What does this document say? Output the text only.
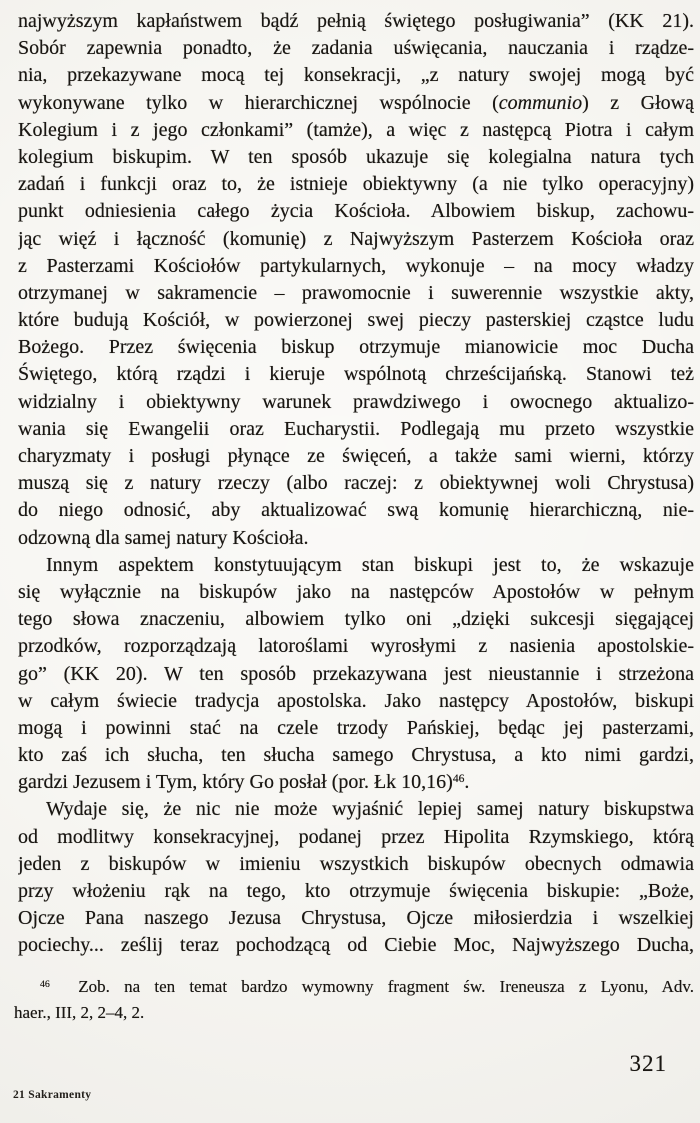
najwyższym kapłaństwem bądź pełnią świętego posługiwania” (KK 21).
Sobór zapewnia ponadto, że zadania uświęcania, nauczania i rządze-
nia, przekazywane mocą tej konsekracji, „z natury swojej mogą być
wykonywane tylko w hierarchicznej wspólnocie (communio) z Głową
Kolegium i z jego członkami” (tamże), a więc z następcą Piotra i całym
kolegium biskupim. W ten sposób ukazuje się kolegialna natura tych
zadań i funkcji oraz to, że istnieje obiektywny (a nie tylko operacyjny)
punkt odniesienia całego życia Kościoła. Albowiem biskup, zachowu-
jąc więź i łączność (komunię) z Najwyższym Pasterzem Kościoła oraz
z Pasterzami Kościołów partykularnych, wykonuje – na mocy władzy
otrzymanej w sakramencie – prawomocnie i suwerennie wszystkie akty,
które budują Kościół, w powierzonej swej pieczy pasterskiej cząstce ludu
Bożego. Przez święcenia biskup otrzymuje mianowicie moc Ducha
Świętego, którą rządzi i kieruje wspólnotą chrześcijańską. Stanowi też
widzialny i obiektywny warunek prawdziwego i owocnego aktualizo-
wania się Ewangelii oraz Eucharystii. Podlegają mu przeto wszystkie
charyzmaty i posługi płynące ze święceń, a także sami wierni, którzy
muszą się z natury rzeczy (albo raczej: z obiektywnej woli Chrystusa)
do niego odnosić, aby aktualizować swą komunię hierarchiczną, nie-
odzowną dla samej natury Kościoła.
Innym aspektem konstytuującym stan biskupi jest to, że wskazuje
się wyłącznie na biskupów jako na następców Apostołów w pełnym
tego słowa znaczeniu, albowiem tylko oni „dzięki sukcesji sięgającej
przodków, rozporządzają latoroślami wyrosłymi z nasienia apostolskie-
go” (KK 20). W ten sposób przekazywana jest nieustannie i strzeżona
w całym świecie tradycja apostolska. Jako następcy Apostołów, biskupi
mogą i powinni stać na czele trzody Pańskiej, będąc jej pasterzami,
kto zaś ich słucha, ten słucha samego Chrystusa, a kto nimi gardzi,
gardzi Jezusem i Tym, który Go posłał (por. Łk 10,16)$^{46}$.
Wydaje się, że nic nie może wyjaśnić lepiej samej natury biskupstwa
od modlitwy konsekracyjnej, podanej przez Hipolita Rzymskiego, którą
jeden z biskupów w imieniu wszystkich biskupów obecnych odmawia
przy włożeniu rąk na tego, kto otrzymuje święcenia biskupie: „Boże,
Ojcze Pana naszego Jezusa Chrystusa, Ojcze miłosierdzia i wszelkiej
pociechy... ześlij teraz pochodzącą od Ciebie Moc, Najwyższego Ducha,
$^{46}$  Zob. na ten temat bardzo wymowny fragment św. Ireneusza z Lyonu, Adv.
haer., III, 2, 2–4, 2.
321
21 Sakramenty
